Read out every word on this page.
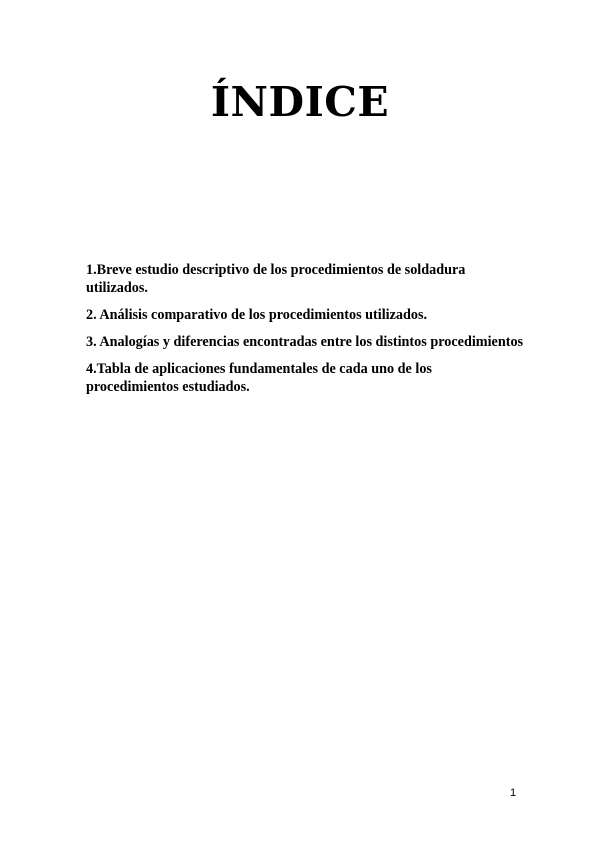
ÍNDICE
1.Breve estudio descriptivo de los procedimientos de soldadura utilizados.
2. Análisis comparativo de los procedimientos utilizados.
3. Analogías y diferencias encontradas entre los distintos procedimientos
4.Tabla de aplicaciones fundamentales de cada uno de los procedimientos estudiados.
1
